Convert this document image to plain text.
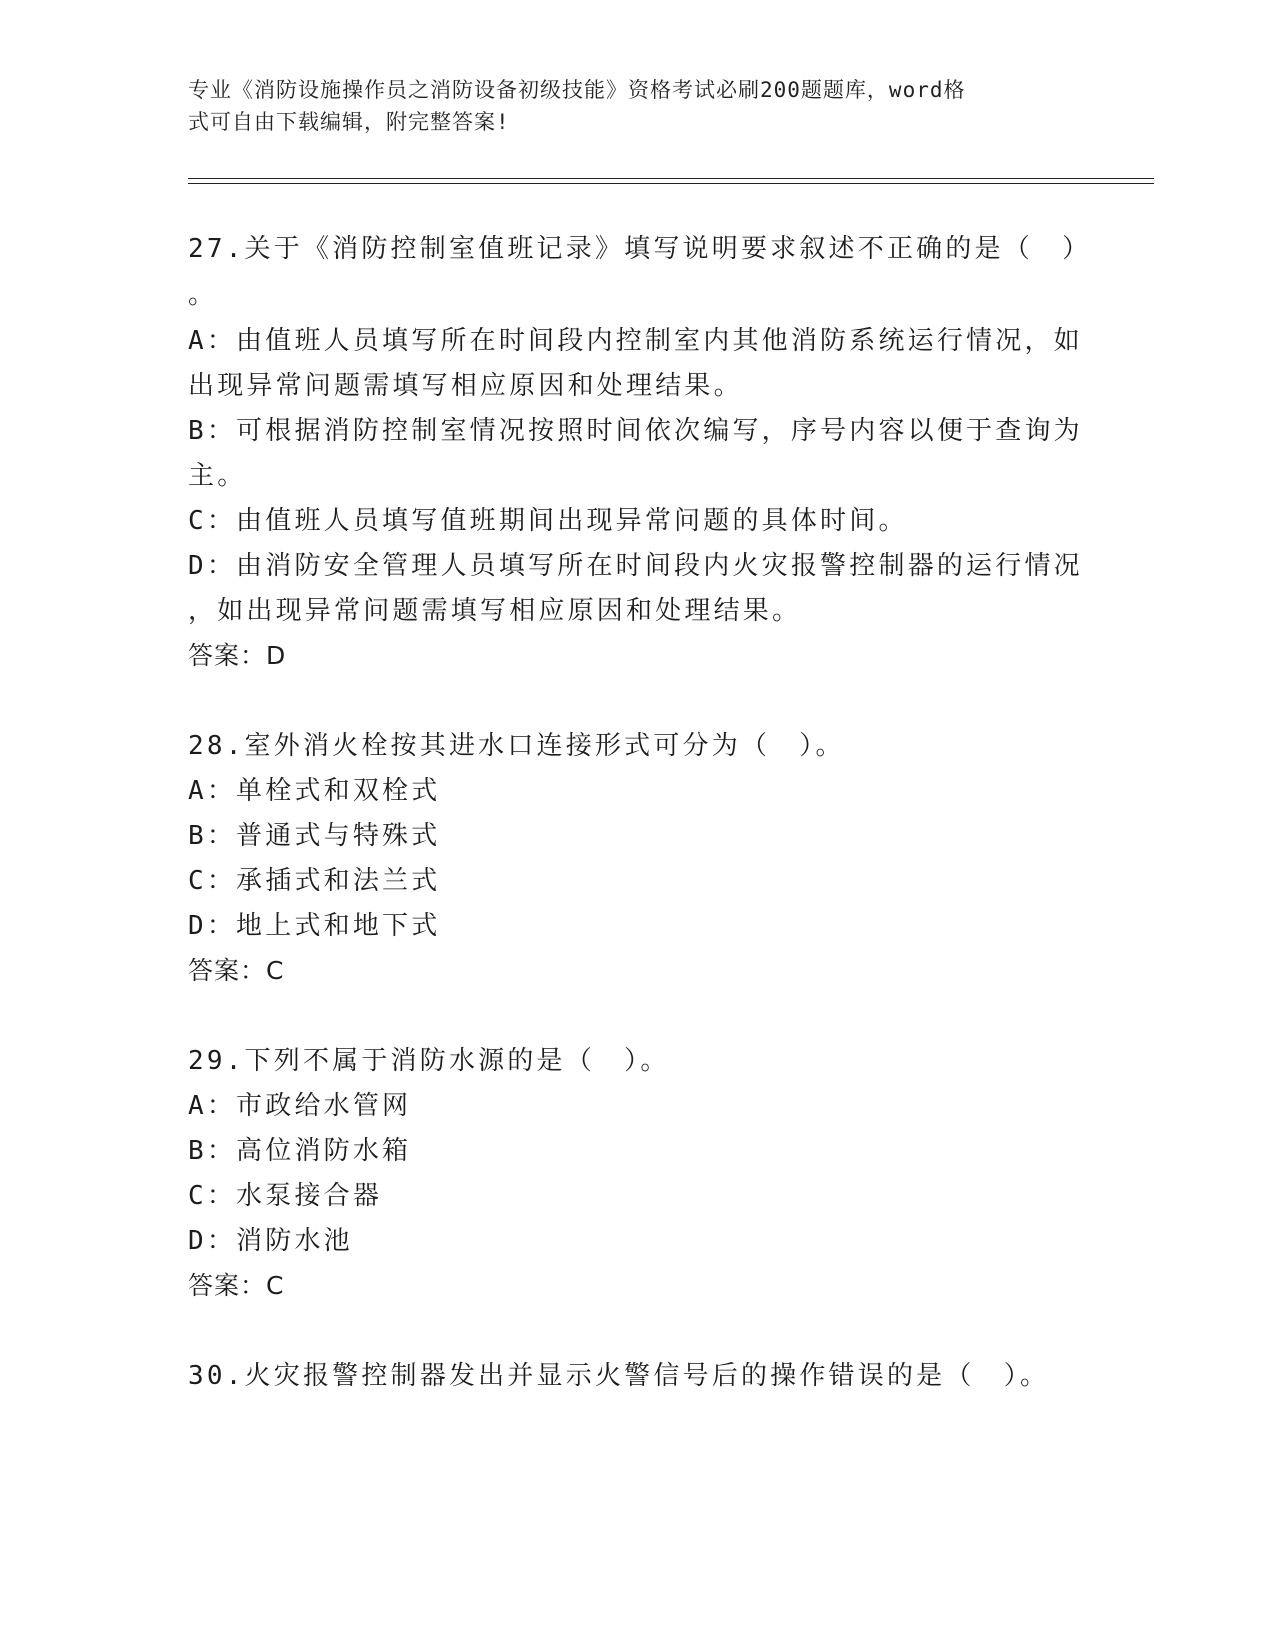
专业《消防设施操作员之消防设备初级技能》资格考试必刷200题题库，word格
式可自由下载编辑，附完整答案!
27.关于《消防控制室值班记录》填写说明要求叙述不正确的是（　）
。
A：由值班人员填写所在时间段内控制室内其他消防系统运行情况，如
出现异常问题需填写相应原因和处理结果。
B：可根据消防控制室情况按照时间依次编写，序号内容以便于查询为
主。
C：由值班人员填写值班期间出现异常问题的具体时间。
D：由消防安全管理人员填写所在时间段内火灾报警控制器的运行情况
，如出现异常问题需填写相应原因和处理结果。
答案：D
28.室外消火栓按其进水口连接形式可分为（　）。
A：单栓式和双栓式
B：普通式与特殊式
C：承插式和法兰式
D：地上式和地下式
答案：C
29.下列不属于消防水源的是（　）。
A：市政给水管网
B：高位消防水箱
C：水泵接合器
D：消防水池
答案：C
30.火灾报警控制器发出并显示火警信号后的操作错误的是（　）。
